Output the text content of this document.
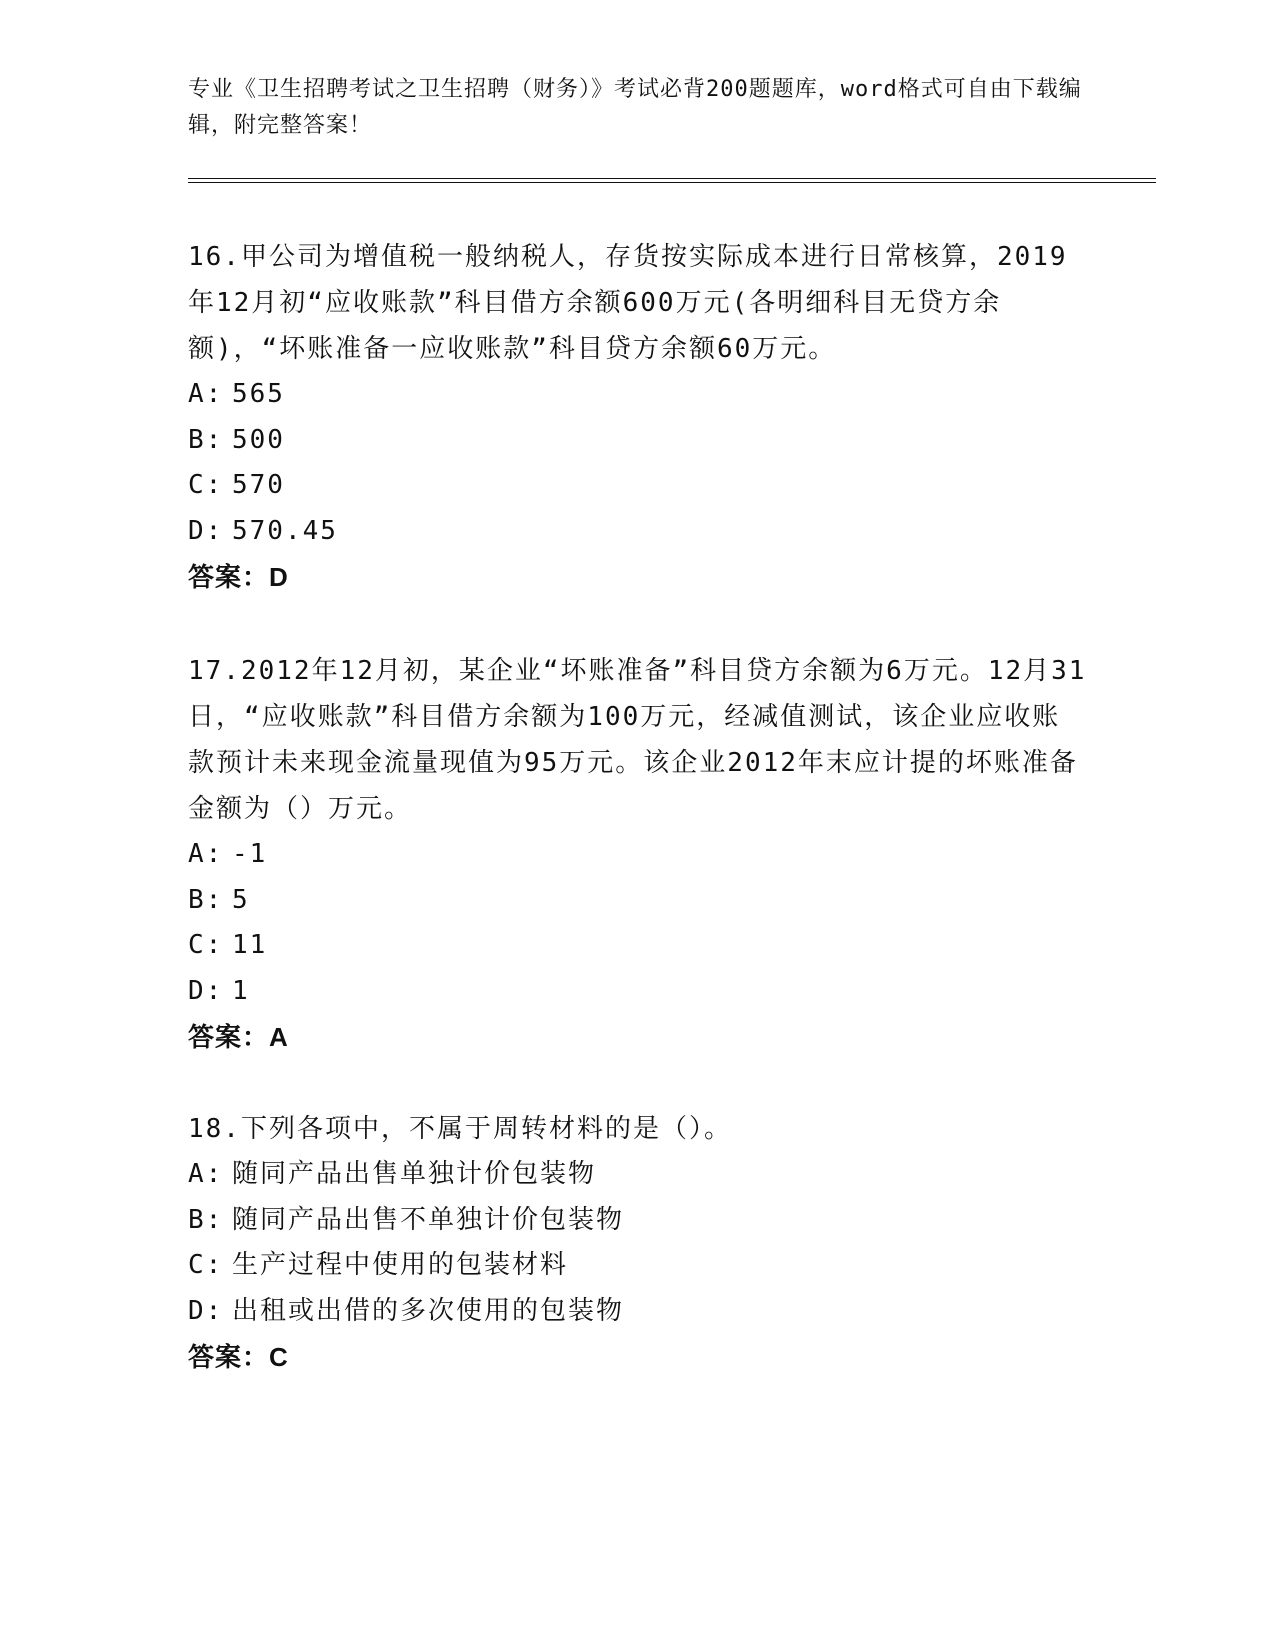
专业《卫生招聘考试之卫生招聘（财务）》考试必背200题题库，word格式可自由下载编辑，附完整答案！

16.甲公司为增值税一般纳税人，存货按实际成本进行日常核算，2019年12月初“应收账款”科目借方余额600万元(各明细科目无贷方余额)，“坏账准备一应收账款”科目贷方余额60万元。

A: 565

B: 500

C: 570

D: 570.45

答案：D

17.2012年12月初，某企业“坏账准备”科目贷方余额为6万元。12月31日，“应收账款”科目借方余额为100万元，经减值测试，该企业应收账款预计未来现金流量现值为95万元。该企业2012年末应计提的坏账准备金额为（）万元。

A: -1

B: 5

C: 11

D: 1

答案：A

18.下列各项中，不属于周转材料的是（）。

A: 随同产品出售单独计价包装物

B: 随同产品出售不单独计价包装物

C: 生产过程中使用的包装材料

D: 出租或出借的多次使用的包装物

答案：C
